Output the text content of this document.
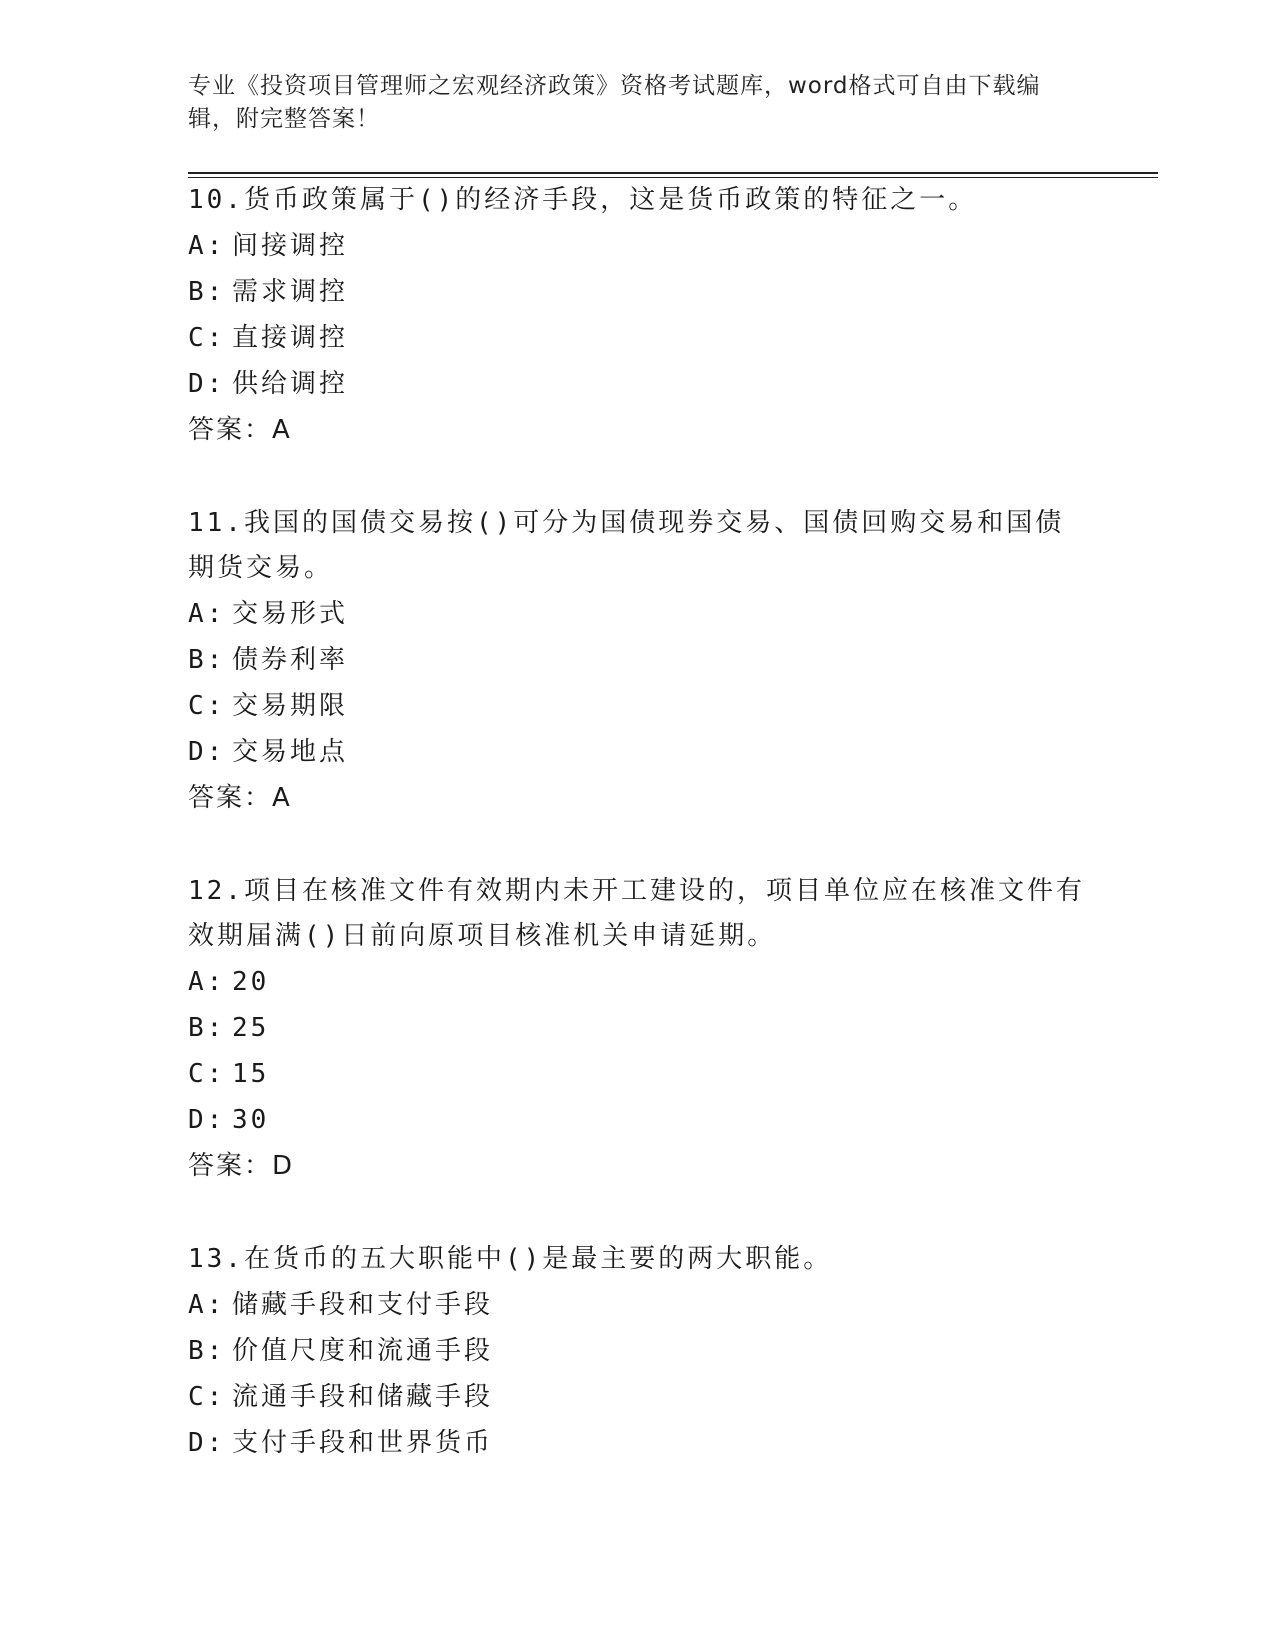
专业《投资项目管理师之宏观经济政策》资格考试题库，word格式可自由下载编辑，附完整答案！

10.货币政策属于()的经济手段，这是货币政策的特征之一。

A: 间接调控

B: 需求调控

C: 直接调控

D: 供给调控

答案：A

11.我国的国债交易按()可分为国债现券交易、国债回购交易和国债期货交易。

A: 交易形式

B: 债券利率

C: 交易期限

D: 交易地点

答案：A

12.项目在核准文件有效期内未开工建设的，项目单位应在核准文件有效期届满()日前向原项目核准机关申请延期。

A: 20

B: 25

C: 15

D: 30

答案：D

13.在货币的五大职能中()是最主要的两大职能。

A: 储藏手段和支付手段

B: 价值尺度和流通手段

C: 流通手段和储藏手段

D: 支付手段和世界货币
